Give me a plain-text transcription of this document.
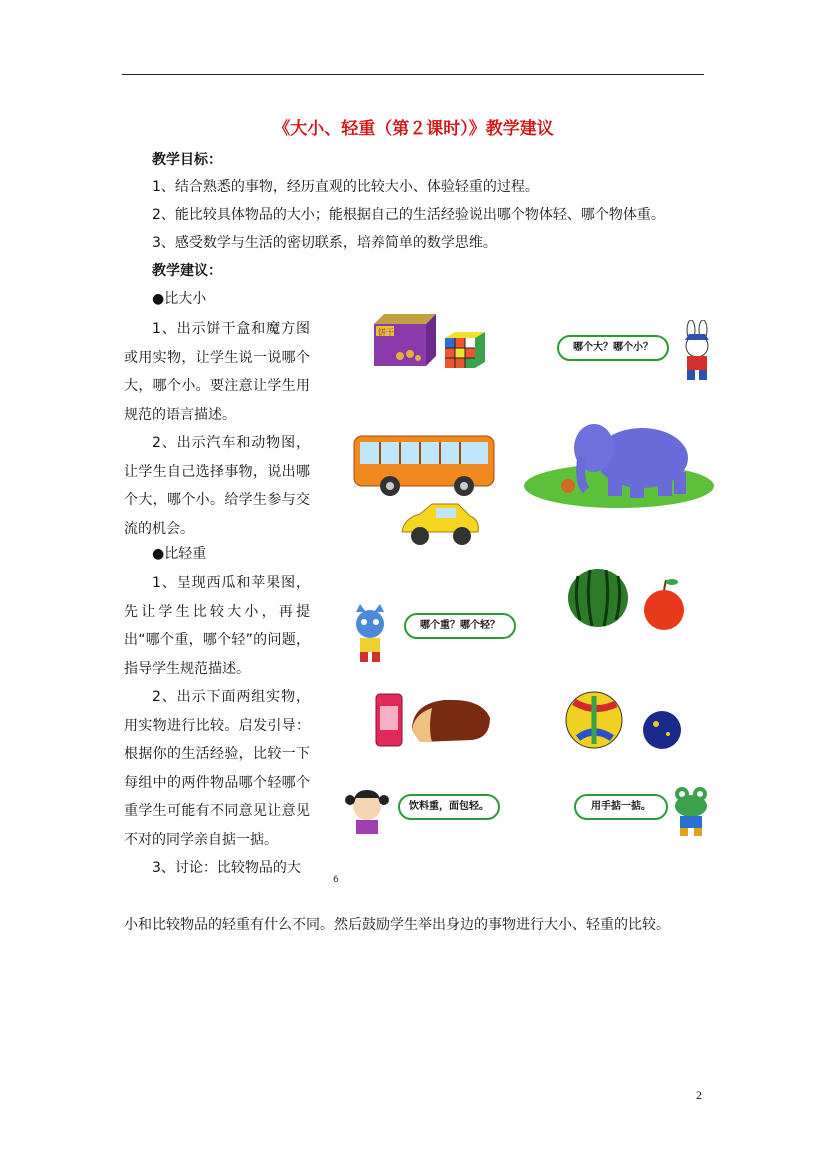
《大小、轻重（第２课时）》教学建议
教学目标：
1、结合熟悉的事物，经历直观的比较大小、体验轻重的过程。
2、能比较具体物品的大小；能根据自己的生活经验说出哪个物体轻、哪个物体重。
3、感受数学与生活的密切联系，培养简单的数学思维。
教学建议：
●比大小

1、出示饼干盒和魔方图或用实物，让学生说一说哪个大，哪个小。要注意让学生用规范的语言描述。

2、出示汽车和动物图，让学生自己选择事物，说出哪个大，哪个小。给学生参与交流的机会。

●比轻重

1、呈现西瓜和苹果图，先让学生比较大小，再提出“哪个重，哪个轻”的问题，指导学生规范描述。

2、出示下面两组实物，用实物进行比较。启发引导：根据你的生活经验，比较一下每组中的两件物品哪个轻哪个重学生可能有不同意见让意见不对的同学亲自掂一掂。

3、讨论：比较物品的大

小和比较物品的轻重有什么不同。然后鼓励学生举出身边的事物进行大小、轻重的比较。
6
2
饼干
哪个大？哪个小？
哪个重？哪个轻？
饮料重，面包轻。	用手掂一掂。
